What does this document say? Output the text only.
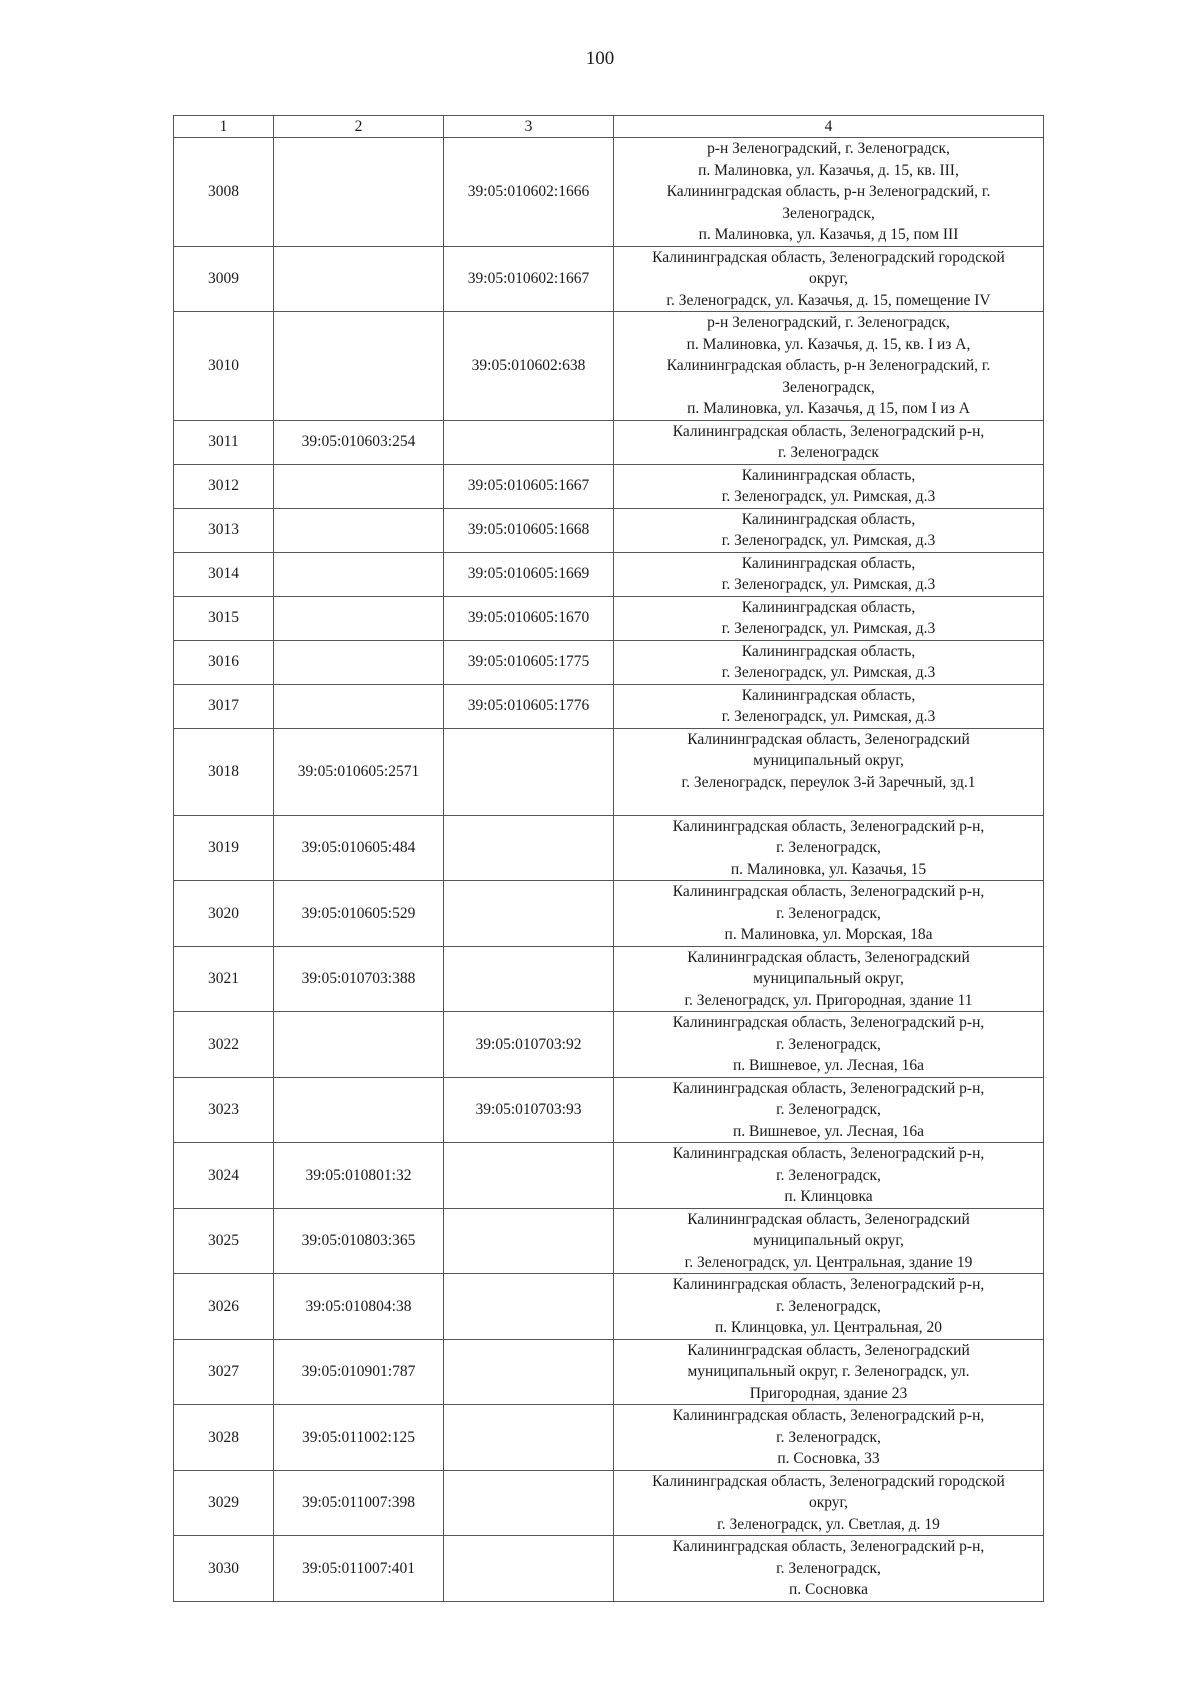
100
1	2	3	4
3008		39:05:010602:1666	р-н Зеленоградский, г. Зеленоградск,
п. Малиновка, ул. Казачья, д. 15, кв. III,
Калининградская область, р-н Зеленоградский, г.
Зеленоградск,
п. Малиновка, ул. Казачья, д 15, пом III

3009		39:05:010602:1667	Калининградская область, Зеленоградский городской
округ,
г. Зеленоградск, ул. Казачья, д. 15, помещение IV

3010		39:05:010602:638	р-н Зеленоградский, г. Зеленоградск,
п. Малиновка, ул. Казачья, д. 15, кв. I из А,
Калининградская область, р-н Зеленоградский, г.
Зеленоградск,
п. Малиновка, ул. Казачья, д 15, пом I из А

3011	39:05:010603:254		Калининградская область, Зеленоградский р-н,
г. Зеленоградск

3012		39:05:010605:1667	Калининградская область,
г. Зеленоградск, ул. Римская, д.3

3013		39:05:010605:1668	Калининградская область,
г. Зеленоградск, ул. Римская, д.3

3014		39:05:010605:1669	Калининградская область,
г. Зеленоградск, ул. Римская, д.3

3015		39:05:010605:1670	Калининградская область,
г. Зеленоградск, ул. Римская, д.3

3016		39:05:010605:1775	Калининградская область,
г. Зеленоградск, ул. Римская, д.3

3017		39:05:010605:1776	Калининградская область,
г. Зеленоградск, ул. Римская, д.3

3018	39:05:010605:2571		Калининградская область, Зеленоградский
муниципальный округ,
г. Зеленоградск, переулок 3-й Заречный, зд.1

3019	39:05:010605:484		Калининградская область, Зеленоградский р-н,
г. Зеленоградск,
п. Малиновка, ул. Казачья, 15

3020	39:05:010605:529		Калининградская область, Зеленоградский р-н,
г. Зеленоградск,
п. Малиновка, ул. Морская, 18а

3021	39:05:010703:388		Калининградская область, Зеленоградский
муниципальный округ,
г. Зеленоградск, ул. Пригородная, здание 11

3022		39:05:010703:92	Калининградская область, Зеленоградский р-н,
г. Зеленоградск,
п. Вишневое, ул. Лесная, 16а

3023		39:05:010703:93	Калининградская область, Зеленоградский р-н,
г. Зеленоградск,
п. Вишневое, ул. Лесная, 16а

3024	39:05:010801:32		Калининградская область, Зеленоградский р-н,
г. Зеленоградск,
п. Клинцовка

3025	39:05:010803:365		Калининградская область, Зеленоградский
муниципальный округ,
г. Зеленоградск, ул. Центральная, здание 19

3026	39:05:010804:38		Калининградская область, Зеленоградский р-н,
г. Зеленоградск,
п. Клинцовка, ул. Центральная, 20

3027	39:05:010901:787		Калининградская область, Зеленоградский
муниципальный округ, г. Зеленоградск, ул.
Пригородная, здание 23

3028	39:05:011002:125		Калининградская область, Зеленоградский р-н,
г. Зеленоградск,
п. Сосновка, 33

3029	39:05:011007:398		Калининградская область, Зеленоградский городской
округ,
г. Зеленоградск, ул. Светлая, д. 19

3030	39:05:011007:401		Калининградская область, Зеленоградский р-н,
г. Зеленоградск,
п. Сосновка
